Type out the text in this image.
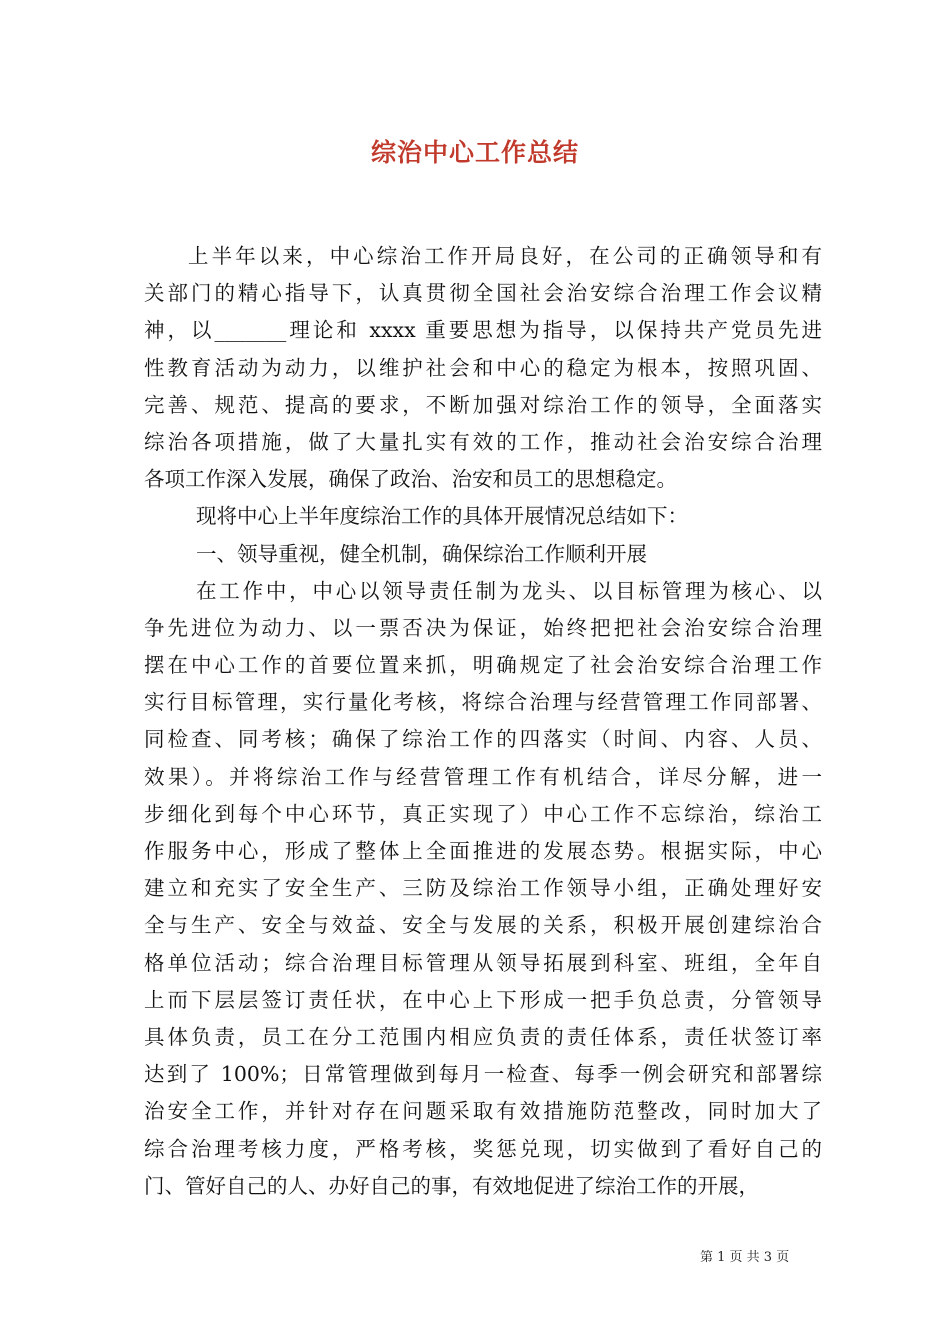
综治中心工作总结
上半年以来，中心综治工作开局良好，在公司的正确领导和有
关部门的精心指导下，认真贯彻全国社会治安综合治理工作会议精
神，以_______理论和 xxxx 重要思想为指导，以保持共产党员先进
性教育活动为动力，以维护社会和中心的稳定为根本，按照巩固、
完善、规范、提高的要求，不断加强对综治工作的领导，全面落实
综治各项措施，做了大量扎实有效的工作，推动社会治安综合治理
各项工作深入发展，确保了政治、治安和员工的思想稳定。
现将中心上半年度综治工作的具体开展情况总结如下：
一、领导重视，健全机制，确保综治工作顺利开展
在工作中，中心以领导责任制为龙头、以目标管理为核心、以
争先进位为动力、以一票否决为保证，始终把把社会治安综合治理
摆在中心工作的首要位置来抓，明确规定了社会治安综合治理工作
实行目标管理，实行量化考核，将综合治理与经营管理工作同部署、
同检查、同考核；确保了综治工作的四落实（时间、内容、人员、
效果）。并将综治工作与经营管理工作有机结合，详尽分解，进一
步细化到每个中心环节，真正实现了）中心工作不忘综治，综治工
作服务中心，形成了整体上全面推进的发展态势。根据实际，中心
建立和充实了安全生产、三防及综治工作领导小组，正确处理好安
全与生产、安全与效益、安全与发展的关系，积极开展创建综治合
格单位活动；综合治理目标管理从领导拓展到科室、班组，全年自
上而下层层签订责任状，在中心上下形成一把手负总责，分管领导
具体负责，员工在分工范围内相应负责的责任体系，责任状签订率
达到了 100%；日常管理做到每月一检查、每季一例会研究和部署综
治安全工作，并针对存在问题采取有效措施防范整改，同时加大了
综合治理考核力度，严格考核，奖惩兑现，切实做到了看好自己的
门、管好自己的人、办好自己的事，有效地促进了综治工作的开展，
第 1 页 共 3 页
